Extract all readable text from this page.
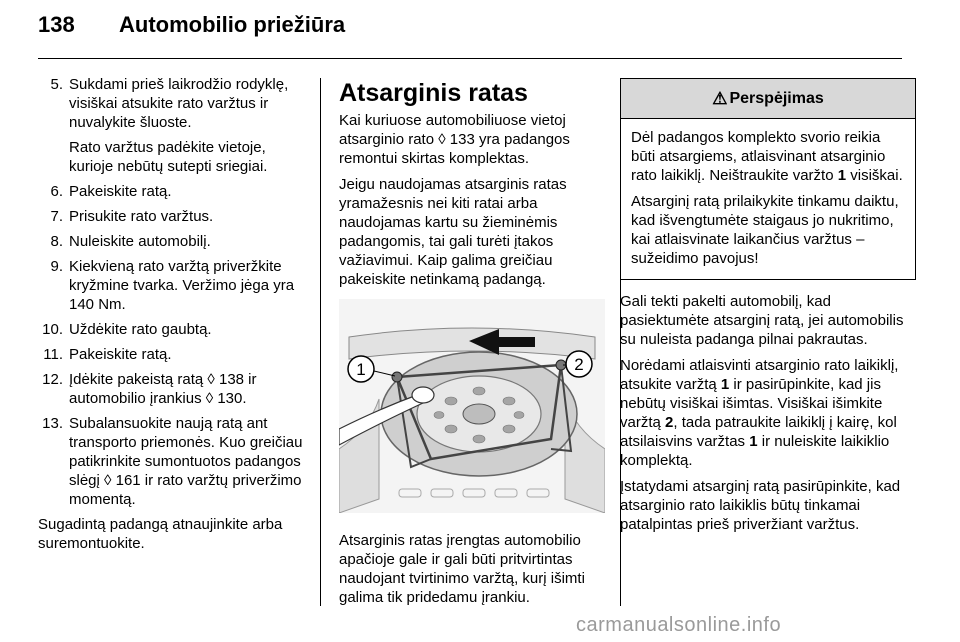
138 Automobilio priežiūra
5. Sukdami prieš laikrodžio rodyklę, visiškai atsukite rato varžtus ir nuvalykite šluoste.

Rato varžtus padėkite vietoje, kurioje nebūtų sutepti sriegiai.

6. Pakeiskite ratą.

7. Prisukite rato varžtus.

8. Nuleiskite automobilį.

9. Kiekvieną rato varžtą priveržkite kryžmine tvarka. Veržimo jėga yra 140 Nm.

10. Uždėkite rato gaubtą.

11. Pakeiskite ratą.

12. Įdėkite pakeistą ratą ◊ 138 ir automobilio įrankius ◊ 130.

13. Subalansuokite naują ratą ant transporto priemonės. Kuo greičiau patikrinkite sumontuotos padangos slėgį ◊ 161 ir rato varžtų priveržimo momentą.

Sugadintą padangą atnaujinkite arba suremontuokite.

Atsarginis ratas

Kai kuriuose automobiliuose vietoj atsarginio rato ◊ 133 yra padangos remontui skirtas komplektas.

Jeigu naudojamas atsarginis ratas yramažesnis nei kiti ratai arba naudojamas kartu su žieminėmis padangomis, tai gali turėti įtakos važiavimui. Kaip galima greičiau pakeiskite netinkamą padangą.

1	2

Atsarginis ratas įrengtas automobilio apačioje gale ir gali būti pritvirtintas naudojant tvirtinimo varžtą, kurį išimti galima tik pridedamu įrankiu.

⚠ Perspėjimas

Dėl padangos komplekto svorio reikia būti atsargiems, atlaisvinant atsarginio rato laikiklį. Neištraukite varžto 1 visiškai.

Atsarginį ratą prilaikykite tinkamu daiktu, kad išvengtumėte staigaus jo nukritimo, kai atlaisvinate laikančius varžtus – sužeidimo pavojus!

Gali tekti pakelti automobilį, kad pasiektumėte atsarginį ratą, jei automobilis su nuleista padanga pilnai pakrautas.

Norėdami atlaisvinti atsarginio rato laikiklį, atsukite varžtą 1 ir pasirūpinkite, kad jis nebūtų visiškai išimtas. Visiškai išimkite varžtą 2, tada patraukite laikiklį į kairę, kol atsilaisvins varžtas 1 ir nuleiskite laikiklio komplektą.

Įstatydami atsarginį ratą pasirūpinkite, kad atsarginio rato laikiklis būtų tinkamai patalpintas prieš priveržiant varžtus.

carmanualsonline.info
